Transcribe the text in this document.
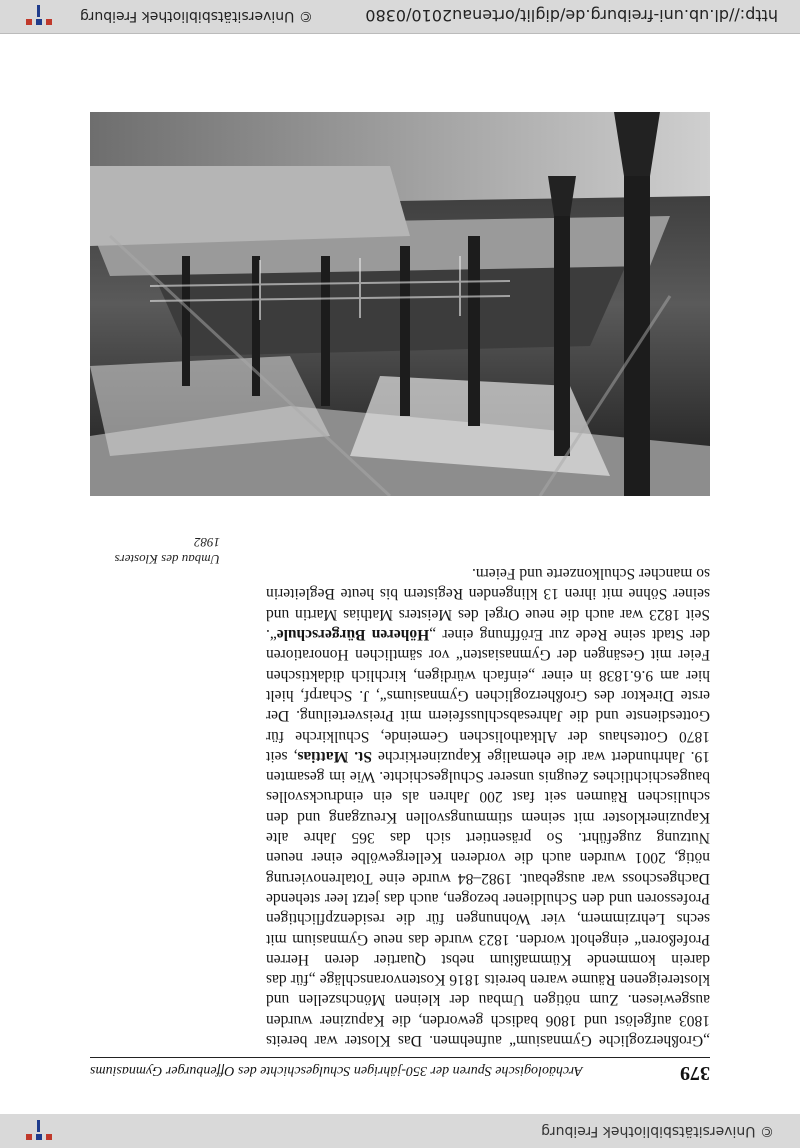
© Universitätsbibliothek Freiburg
379
Archäologische Spuren der 350-jährigen Schulgeschichte des Offenburger Gymnasiums

„Großherzogliche Gymnasium“ aufnehmen. Das Kloster war bereits 1803 aufgelöst und 1806 badisch geworden, die Kapuziner wurden ausgewiesen. Zum nötigen Umbau der kleinen Mönchszellen und klostereigenen Räume waren bereits 1816 Kostenvoranschläge „für das darein kommende Kümmaßium nebst Quartier deren Herren Profeßoren“ eingeholt worden. 1823 wurde das neue Gymnasium mit sechs Lehrzimmern, vier Wohnungen für die residenzpflichtigen Professoren und den Schuldiener bezogen, auch das jetzt leer stehende Dachgeschoss war ausgebaut. 1982–84 wurde eine Totalrenovierung nötig, 2001 wurden auch die vorderen Kellergewölbe einer neuen Nutzung zugeführt. So präsentiert sich das 365 Jahre alte Kapuzinerkloster mit seinem stimmungsvollen Kreuzgang und den schulischen Räumen seit fast 200 Jahren als ein eindrucksvolles baugeschichtliches Zeugnis unserer Schulgeschichte. Wie im gesamten 19. Jahrhundert war die ehemalige Kapuzinerkirche St. Mattias, seit 1870 Gotteshaus der Altkatholischen Gemeinde, Schulkirche für Gottesdienste und die Jahresabschlussfeiern mit Preisverteilung. Der erste Direktor des Großherzoglichen Gymnasiums“, J. Scharpf, hielt hier am 9.6.1838 in einer „einfach würdigen, kirchlich didaktischen Feier mit Gesängen der Gymnasiasten“ vor sämtlichen Honoratioren der Stadt seine Rede zur Eröffnung einer „Höheren Bürgerschule“. Seit 1823 war auch die neue Orgel des Meisters Mathias Martin und seiner Söhne mit ihren 13 klingenden Registern bis heute Begleiterin so mancher Schulkonzerte und Feiern.

Umbau des Klosters
1982
http://dl.ub.uni-freiburg.de/diglit/ortenau2010/0380
© Universitätsbibliothek Freiburg
